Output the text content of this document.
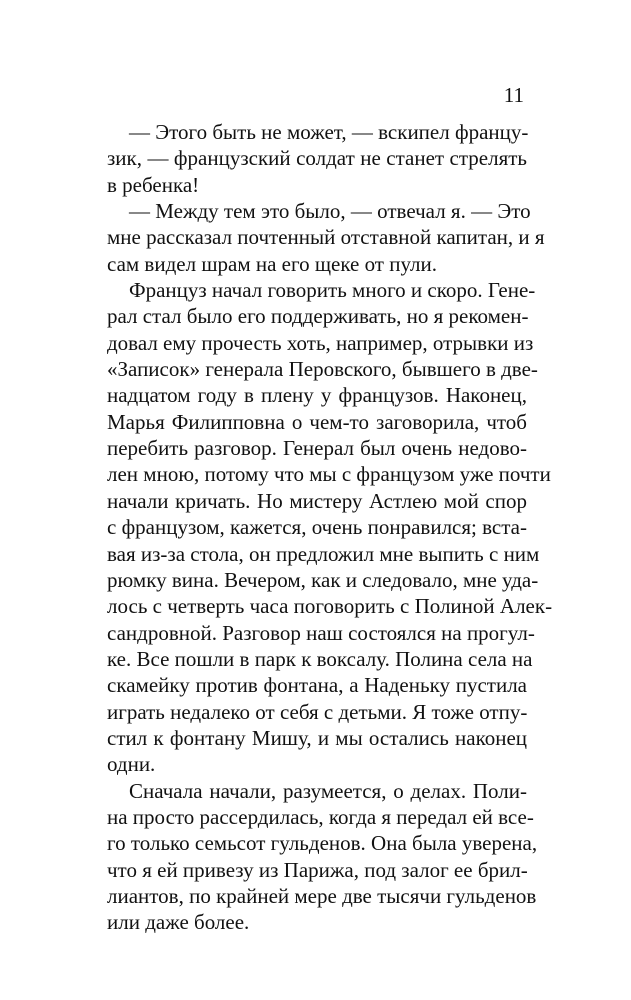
11
— Этого быть не может, — вскипел францу-
зик, — французский солдат не станет стрелять
в ребенка!
— Между тем это было, — отвечал я. — Это
мне рассказал почтенный отставной капитан, и я
сам видел шрам на его щеке от пули.
Француз начал говорить много и скоро. Гене-
рал стал было его поддерживать, но я рекомен-
довал ему прочесть хоть, например, отрывки из
«Записок» генерала Перовского, бывшего в две-
надцатом году в плену у французов. Наконец,
Марья Филипповна о чем-то заговорила, чтоб
перебить разговор. Генерал был очень недово-
лен мною, потому что мы с французом уже почти
начали кричать. Но мистеру Астлею мой спор
с французом, кажется, очень понравился; вста-
вая из-за стола, он предложил мне выпить с ним
рюмку вина. Вечером, как и следовало, мне уда-
лось с четверть часа поговорить с Полиной Алек-
сандровной. Разговор наш состоялся на прогул-
ке. Все пошли в парк к воксалу. Полина села на
скамейку против фонтана, а Наденьку пустила
играть недалеко от себя с детьми. Я тоже отпу-
стил к фонтану Мишу, и мы остались наконец
одни.
Сначала начали, разумеется, о делах. Поли-
на просто рассердилась, когда я передал ей все-
го только семьсот гульденов. Она была уверена,
что я ей привезу из Парижа, под залог ее брил-
лиантов, по крайней мере две тысячи гульденов
или даже более.
